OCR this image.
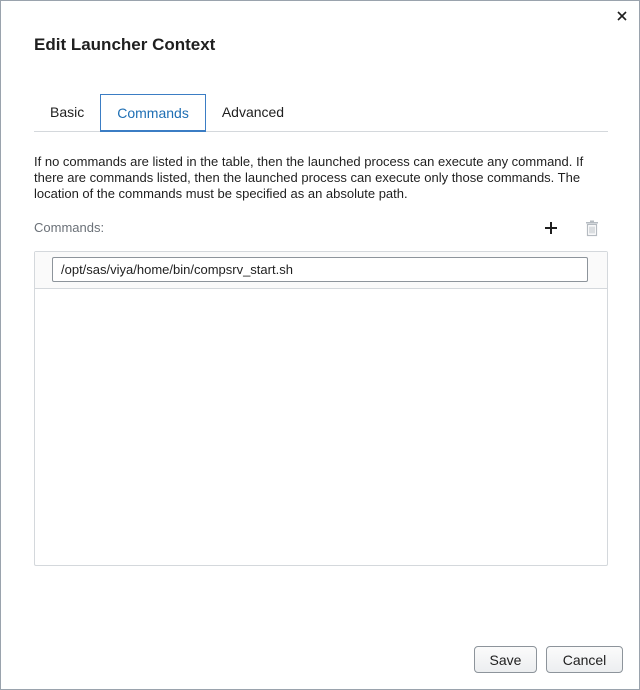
Edit Launcher Context
Basic	Commands	Advanced
If no commands are listed in the table, then the launched process can execute any command. If there are commands listed, then the launched process can execute only those commands. The location of the commands must be specified as an absolute path.
Commands:
/opt/sas/viya/home/bin/compsrv_start.sh
Save	Cancel
